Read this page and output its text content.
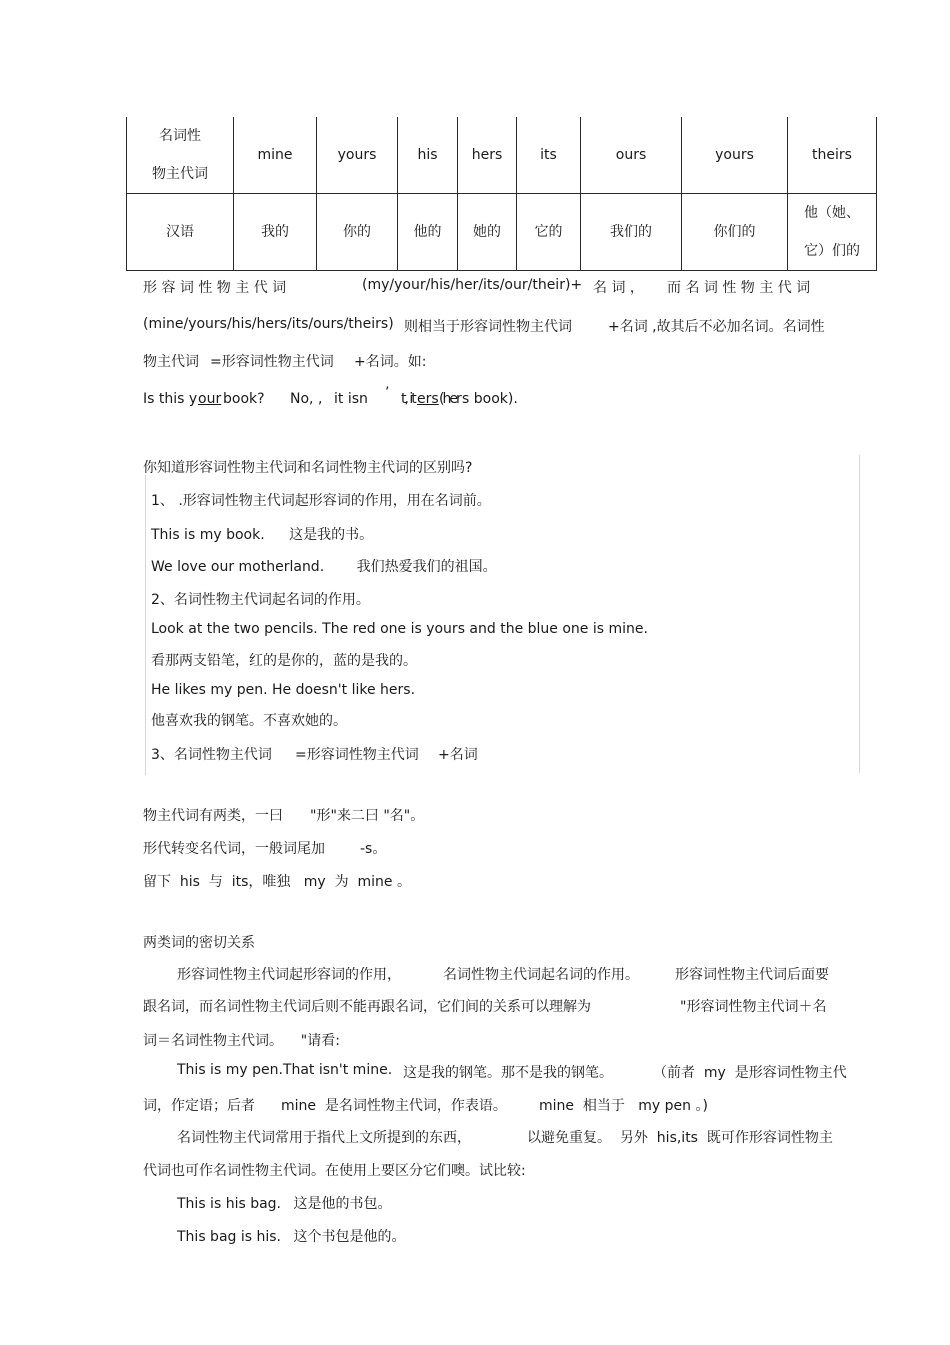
名词性
物主代词	mine	yours	his	hers	its	ours	yours	theirs
汉语	我的	你的	他的	她的	它的	我们的	你们的	他（她、
它）们的
形 容 词 性 物 主 代 词	(my/your/his/her/its/our/their)+ 名 词 ， 而 名 词 性 物 主 代 词
(mine/yours/his/hers/its/ours/theirs) 则相当于形容词性物主代词	+名词 ,故其后不必加名词。名词性
物主代词 =形容词性物主代词 +名词。如:
Is this y our book? No, , it isn ’ t, it ers (her s book).
你知道形容词性物主代词和名词性物主代词的区别吗?
1、 .形容词性物主代词起形容词的作用，用在名词前。
This is my book. 这是我的书。
We love our motherland. 我们热爱我们的祖国。
2、名词性物主代词起名词的作用。
Look at the two pencils. The red one is yours and the blue one is mine.
看那两支铅笔，红的是你的，蓝的是我的。
He likes my pen. He doesn't like hers.
他喜欢我的钢笔。不喜欢她的。
3、名词性物主代词 =形容词性物主代词 +名词
物主代词有两类，一曰 "形"来二曰 "名"。
形代转变名代词，一般词尾加	-s。
留下  his  与  its，唯独   my  为  mine 。
两类词的密切关系
形容词性物主代词起形容词的作用，	名词性物主代词起名词的作用。	形容词性物主代词后面要
跟名词，而名词性物主代词后则不能再跟名词，它们间的关系可以理解为	"形容词性物主代词＋名
词＝名词性物主代词。    "请看:
This is my pen.That isn't mine. 这是我的钢笔。那不是我的钢笔。	（前者  my  是形容词性物主代
词，作定语；后者 mine  是名词性物主代词，作表语。 mine  相当于   my pen 。)
名词性物主代词常用于指代上文所提到的东西，	以避免重复。  另外  his,its  既可作形容词性物主
代词也可作名词性物主代词。在使用上要区分它们噢。试比较:
This is his bag. 这是他的书包。
This bag is his. 这个书包是他的。
